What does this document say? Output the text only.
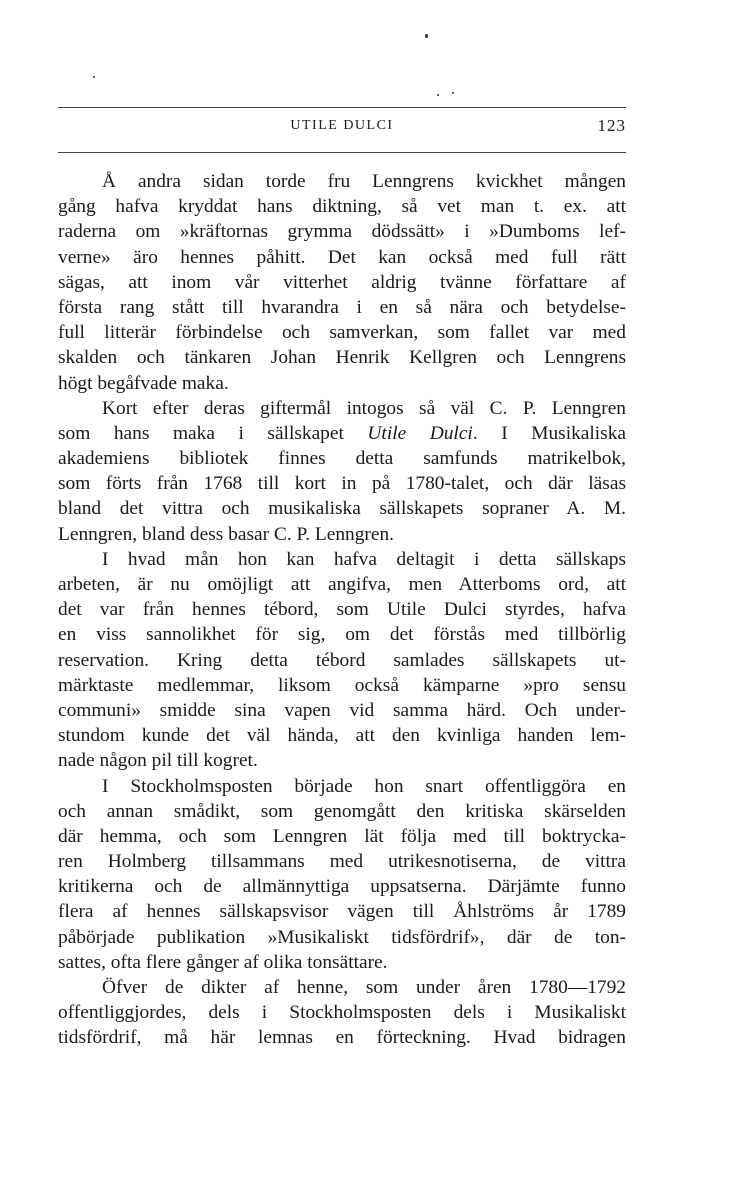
UTILE DULCI	123
Å andra sidan torde fru Lenngrens kvickhet mången
gång hafva kryddat hans diktning, så vet man t. ex. att
raderna om »kräftornas grymma dödssätt» i »Dumboms lef-
verne» äro hennes påhitt. Det kan också med full rätt
sägas, att inom vår vitterhet aldrig tvänne författare af
första rang stått till hvarandra i en så nära och betydelse-
full litterär förbindelse och samverkan, som fallet var med
skalden och tänkaren Johan Henrik Kellgren och Lenngrens
högt begåfvade maka.
Kort efter deras giftermål intogos så väl C. P. Lenngren
som hans maka i sällskapet Utile Dulci. I Musikaliska
akademiens bibliotek finnes detta samfunds matrikelbok,
som förts från 1768 till kort in på 1780-talet, och där läsas
bland det vittra och musikaliska sällskapets sopraner A. M.
Lenngren, bland dess basar C. P. Lenngren.
I hvad mån hon kan hafva deltagit i detta sällskaps
arbeten, är nu omöjligt att angifva, men Atterboms ord, att
det var från hennes tébord, som Utile Dulci styrdes, hafva
en viss sannolikhet för sig, om det förstås med tillbörlig
reservation. Kring detta tébord samlades sällskapets ut-
märktaste medlemmar, liksom också kämparne »pro sensu
communi» smidde sina vapen vid samma härd. Och under-
stundom kunde det väl hända, att den kvinliga handen lem-
nade någon pil till kogret.
I Stockholmsposten började hon snart offentliggöra en
och annan smådikt, som genomgått den kritiska skärselden
där hemma, och som Lenngren lät följa med till boktrycka-
ren Holmberg tillsammans med utrikesnotiserna, de vittra
kritikerna och de allmännyttiga uppsatserna. Därjämte funno
flera af hennes sällskapsvisor vägen till Åhlströms år 1789
påbörjade publikation »Musikaliskt tidsfördrif», där de ton-
sattes, ofta flere gånger af olika tonsättare.
Öfver de dikter af henne, som under åren 1780—1792
offentliggjordes, dels i Stockholmsposten dels i Musikaliskt
tidsfördrif, må här lemnas en förteckning. Hvad bidragen
